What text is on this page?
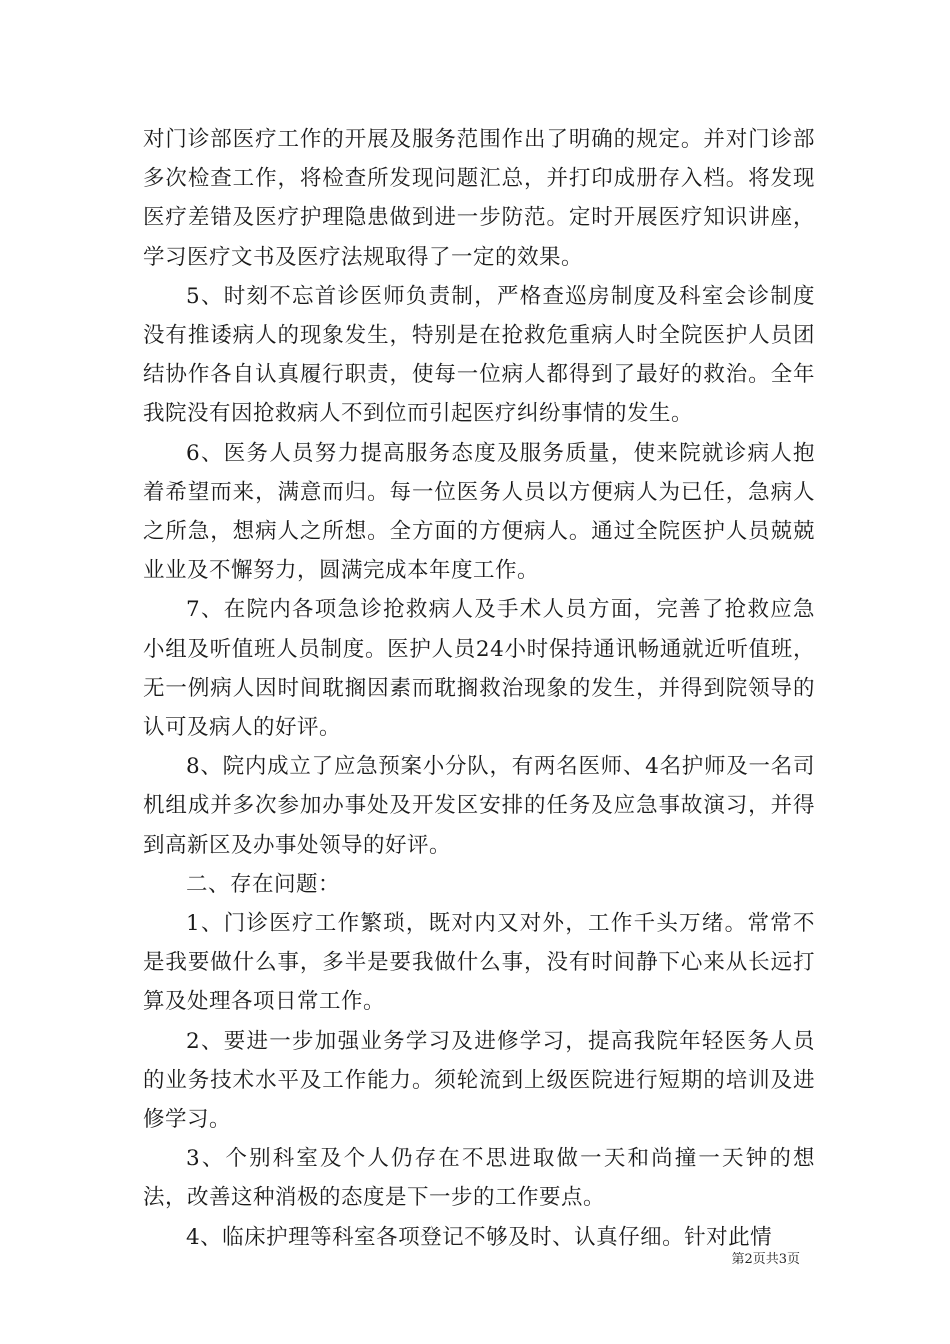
对门诊部医疗工作的开展及服务范围作出了明确的规定。并对门诊部多次检查工作，将检查所发现问题汇总，并打印成册存入档。将发现医疗差错及医疗护理隐患做到进一步防范。定时开展医疗知识讲座，学习医疗文书及医疗法规取得了一定的效果。

5、时刻不忘首诊医师负责制，严格查巡房制度及科室会诊制度没有推诿病人的现象发生，特别是在抢救危重病人时全院医护人员团结协作各自认真履行职责，使每一位病人都得到了最好的救治。全年我院没有因抢救病人不到位而引起医疗纠纷事情的发生。

6、医务人员努力提高服务态度及服务质量，使来院就诊病人抱着希望而来，满意而归。每一位医务人员以方便病人为已任，急病人之所急，想病人之所想。全方面的方便病人。通过全院医护人员兢兢业业及不懈努力，圆满完成本年度工作。

7、在院内各项急诊抢救病人及手术人员方面，完善了抢救应急小组及听值班人员制度。医护人员24小时保持通讯畅通就近听值班，无一例病人因时间耽搁因素而耽搁救治现象的发生，并得到院领导的认可及病人的好评。

8、院内成立了应急预案小分队，有两名医师、4名护师及一名司机组成并多次参加办事处及开发区安排的任务及应急事故演习，并得到高新区及办事处领导的好评。

二、存在问题：

1、门诊医疗工作繁琐，既对内又对外，工作千头万绪。常常不是我要做什么事，多半是要我做什么事，没有时间静下心来从长远打算及处理各项日常工作。

2、要进一步加强业务学习及进修学习，提高我院年轻医务人员的业务技术水平及工作能力。须轮流到上级医院进行短期的培训及进修学习。

3、个别科室及个人仍存在不思进取做一天和尚撞一天钟的想法，改善这种消极的态度是下一步的工作要点。

4、临床护理等科室各项登记不够及时、认真仔细。针对此情

第2页共3页
